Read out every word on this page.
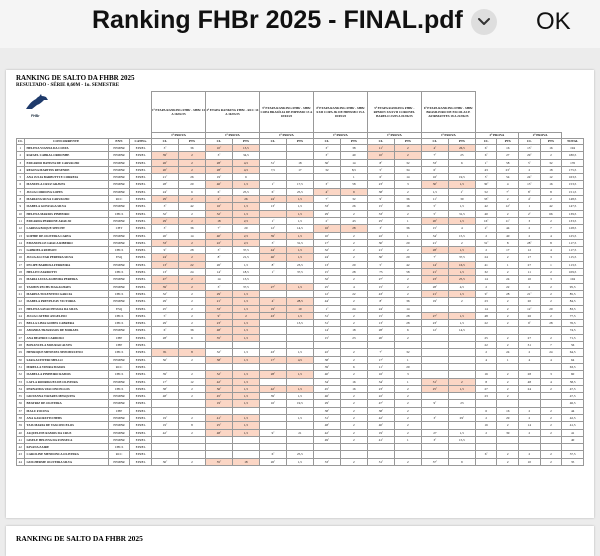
Ranking FHBr 2025 - FINAL.pdf	OK
RANKING DE SALTO DA FHBR 2025
RESULTADO - SÉRIE 0,60M - 1o. SEMESTRE
FHBr
				1ª ETAPA RANKING FHBr - SHBr 14 A 16/02/25		2ª ETAPA RANKING FHBr - RCC 14 A 16/03/25		3ª ETAPA RANKING FHBr - SHBr COPA BRASÍLIA DE HIPISMO 13 A 18/04/25		4ª ETAPA RANKING FHBr - SHBr XXII COPA JK DE HIPISMO 15 A 18/05/25		5ª ETAPA RANKING FHBr - RPMON XXXVII CORONEL BARELO 23/05 A 01/06/25		6ª ETAPA RANKING FHBr - SHBr BRASILEIRO DE ESCOLAS E AFIRMANTES 18 A 22/06/25						
				1ª PROVA		1ª PROVA		1ª PROVA		1ª PROVA		1ª PROVA		1ª PROVA		2ª PROVA		2ª PROVA		
CL	CONCORRENTE	ENT.	CATEG.	CL	PTS	CL	PTS	CL	PTS	CL	PTS	CL	PTS	CL	PTS	CL	PTS	CL	PTS	TOTAL
1	HELENA VIANNA DA COSTA	EEMBR	EPREL	3º	36	10º	13,5			3º	38	11º	2	4º	26,5	6º	16	13º	16	194
2	RAFAEL CABRAL ORDONHE	EEMBR	EPREL	39º	2	3º	34,5			3º	40	10º	2	7º	25	6º	27	29º	2	180,5
3	EDUARDO BATISTA DE CARVALHO	EEMBR	EPREL	26º	2	28º	4,5	31º	18	36º	14	8º	32	33º	6	1º	58	5º	32	176
4	REGINA MARTINS RESENDE	EEMBR	EPREL	20º	2	28º	4,5	7,5	17	32	8,5	5º	34	6º		43	23º	2	18	175,5
5	ANA JULIA BARBUTTI E CORREIA	EEMBR	EPREL	21º	26	19º	6				1	6º	14	16º	19,5	5º	54	24º	12	163,5
6	MANUELA CRUZ GRAVES	EEMBR	EPREL	28º	20	46º	1,5	1º	17,5	3º	58	23º	3	30º	1,5	30º	4	13º	16	153,5
7	JULIA CORDOVA LOPES	EEMBR	EPREL	24º	6	6º	25,5	6º	25,5	4º	9	38º	2	1,5	1º	52	7º	8º	8	151,5
8	MARIANA SILVA CARVALHO	RCC	EPREL	29º	2	2º	26	24º	1,5	7º	32	9º	36	11º	30	33º	2	4º	2	148,5
9	ISABELA GONZAGA SILVA	EEMBR	EPREL	3º	42	16º	1,5	13º	1,5	33º	26	15º	16	5º	1,5	42	12º	1	42	147,5
10	HELENA MARIOS PINHEIRO	CHLS	EPREL	32º	2	32º	1,5		1,5	29º	2	33º	2	5º	31,5	40	2	2º	66	139,5
11	EDUARDA PERRONE ARAUJO	EEMBR	EPREL	29º	2	18	2,5	1º	1,5	2º	43	25º	1	20º	1,5	16º	11º	3	2	133,5
12	LARISSA BOQUE SPECHT	CHT	EPREL	3º	36	7º	20	12º	14,5	16º	28	3º	36	15º	4	2º	44	2	7	128,5
13	SOPHIE DE OLIVEIRA CARVA	EEMBR	EPREL	26º	14	40º	2,5	39º	1,5	10º	2	22º	1	34º	15,5	2	40	2	4	125,5
14	EMANUELLE GRACA RIBEIRO	EEMBR	EPREL	33º	2	22º	2,5	3º	31,5	17º	2	30º	20	21º	2	31º	8	28º	8	117,5
15	GABRIELA RUBSON	CHLS	EPREL	9º	28	3º	37,5	44º	1,5	32º	2	21º	2	28º	1,5	2	17	12	4	117,5
16	JULIA ALCVAR PEREIRA SILVA	ESQ	EPREL	24º	2	8º	21,5	46º	1,5	24º	2	30º	20	7º	37,5	24	2	17	3	115,5
17	FELIPE BARBOSA FERREIRA	EEMBR	EPREL	13º	22	26º	1,5	8º	23,5	13º	20	5º	42	14º	16,5	41	1	27	1	113,5
18	HELLEN ZARDOTTI	CHLS	EPREL	13º	24	14º	18,5	1º	37,5	15º	28	75	58	21º	1,5	32	2	11	2	109,5
19	MARIA LUIZA ALMEIDA PEREIRA	EEMBR	EPREL	47º	2	14	13,5			32º	2	27º	2	23º	25,5	14	24	10	3	104
20	YASMIN FECHS MAGALHAES	EEMBR	EPREL	39º	2	3º	37,5	27º	1,5	25º	4	15º	2	28º	4,5	2	22	2	2	95,5
21	MARINA TOLENTINO GARCIA	CHLS	EPREL	32º	2	29º	1,5			12º	22	43º	2	21º	1,5	9º	28	21º	2	85,5
22	ISABELA PREVPLEAV VICTORIA	EEMBR	EPREL	29º	2	21º	1,5	4º	28,5	44º	2	8º	36	19º	2	23	2	20	2	84,5
23	HELENA SAYAO PESSOA DA SILVA	ESQ	EPREL	25º	2	33º	1,5	19º	10	1º	24	24º	14			14	2	12º	20	83,5
24	JULIA CATEBO ANGELINO	CHLS	EPREL	5º	2	9º	2	43º	1,5	31º	2	15º	28	27º	1,5	48	2	26	2	77,5
25	BELLA LIMA GOMES CABRERA	CHLS	EPREL	29º	2	23º	1,5		13,5	31º	2	13º	28	23º	1,5	22	2	9º	28	76,5
26	AMANDA TRAVASSOS DE MORAES	EEMBR	EPREL	6º	36	48º	1,5			14º	18	28º	6	12º	14,5					74,5
27	ANA BEATRIZ CARDOSO	CHP	EPREL	28º	6	35º	1,5			15º	23	20º	2			25	2	27	2	71,5
28	BONANCELA MOURAO ALVES	CHP	EPREL													22	2	31	7	56
29	HENRIQUE MENEZES NEPOMUCENO	CHLS	EPREL	81	8	32º	1,5	43º	1,5	22º	2	7º	32			2	24	2	24	64,5
30	SARA ALTIVERI MELLO	EEMBR	EPREL	56º	2	58º	1,5	17º	4,5	38º	2	17º	1			4	1	4	4	64
31	MIRELLA VIEIRA MASSIS	RCC	EPREL							39º	6	11º	20							63,5
32	ISABELLA PINHEIRO RAMOS	CHLS	EPREL	39º	2	52º	1,5	28º	1,5	40º	2	16º	3			16	2	28	3	60
33	LAYLA RODRIGUES DE OLIVEIRA	EEMBR	EPREL	17º	12	42º	1,5			34º	16	34º	1	31º	2	8	2	48	4	58,5
34	FERNANDA VASCONCELLOS	CHLS	EPREL	38º	2	56º	1,5	42º	1,5	45º	16	23º	2	25º	1,5	27	2	24	2	47,5
35	GIOVANNA TAVARES MESQUITA	EEMBR	EPREL	48º	2	45º	1,5	39º	1,5	46º	2	22º	2			23	2			47,5
36	BEATRIZ DE OLIVEIRA	EEMBR	EPREL			19º	1,5	16º	19,5	29º	2	47º	2	9º	23					46,5
37	MALU FOCINA	CHP	EPREL							38º	2	38º	2			6	16	2	2	44
38	ANA GASOFATTO HEBS	EEMBR	EPREL	19º	2	41º	1,5		1,5	31º	2	42º	2	3º	29º	2	29	2	2	42,5
39	TAIS MARIA DE VASCONCELOS	EEMBR	EPREL	19º	8	25º	1,5			48º	2	40º	2			16	2	14	2	41,5
40	JAQUELINE RAMOS DA CRUZ	EEMBR	EPREL	42º	2	48º	1,5	9º	21	42º	2	19º	2	27	1,5	2	39	2	2	41
41	GISELE HELENA DA FONSECA	EEMBR	EPREL							49º	2	41º	1	3º	15,5					40
42	KIVANA ZAIRE	CHLS	EPREL																	
43	CAROLINE MENDONCA OLIVEIRA	RCC	EPREL					6º	25,5							6º	2	2	2	37,5
44	GUILHERME OLIVEIRA SILVA	EEMBR	EPREL	36º	2	35º	18	26º	1,5	33º	2	31º	2	37º	9		2	10	2	35
RANKING DE SALTO DA FHBR 2025
